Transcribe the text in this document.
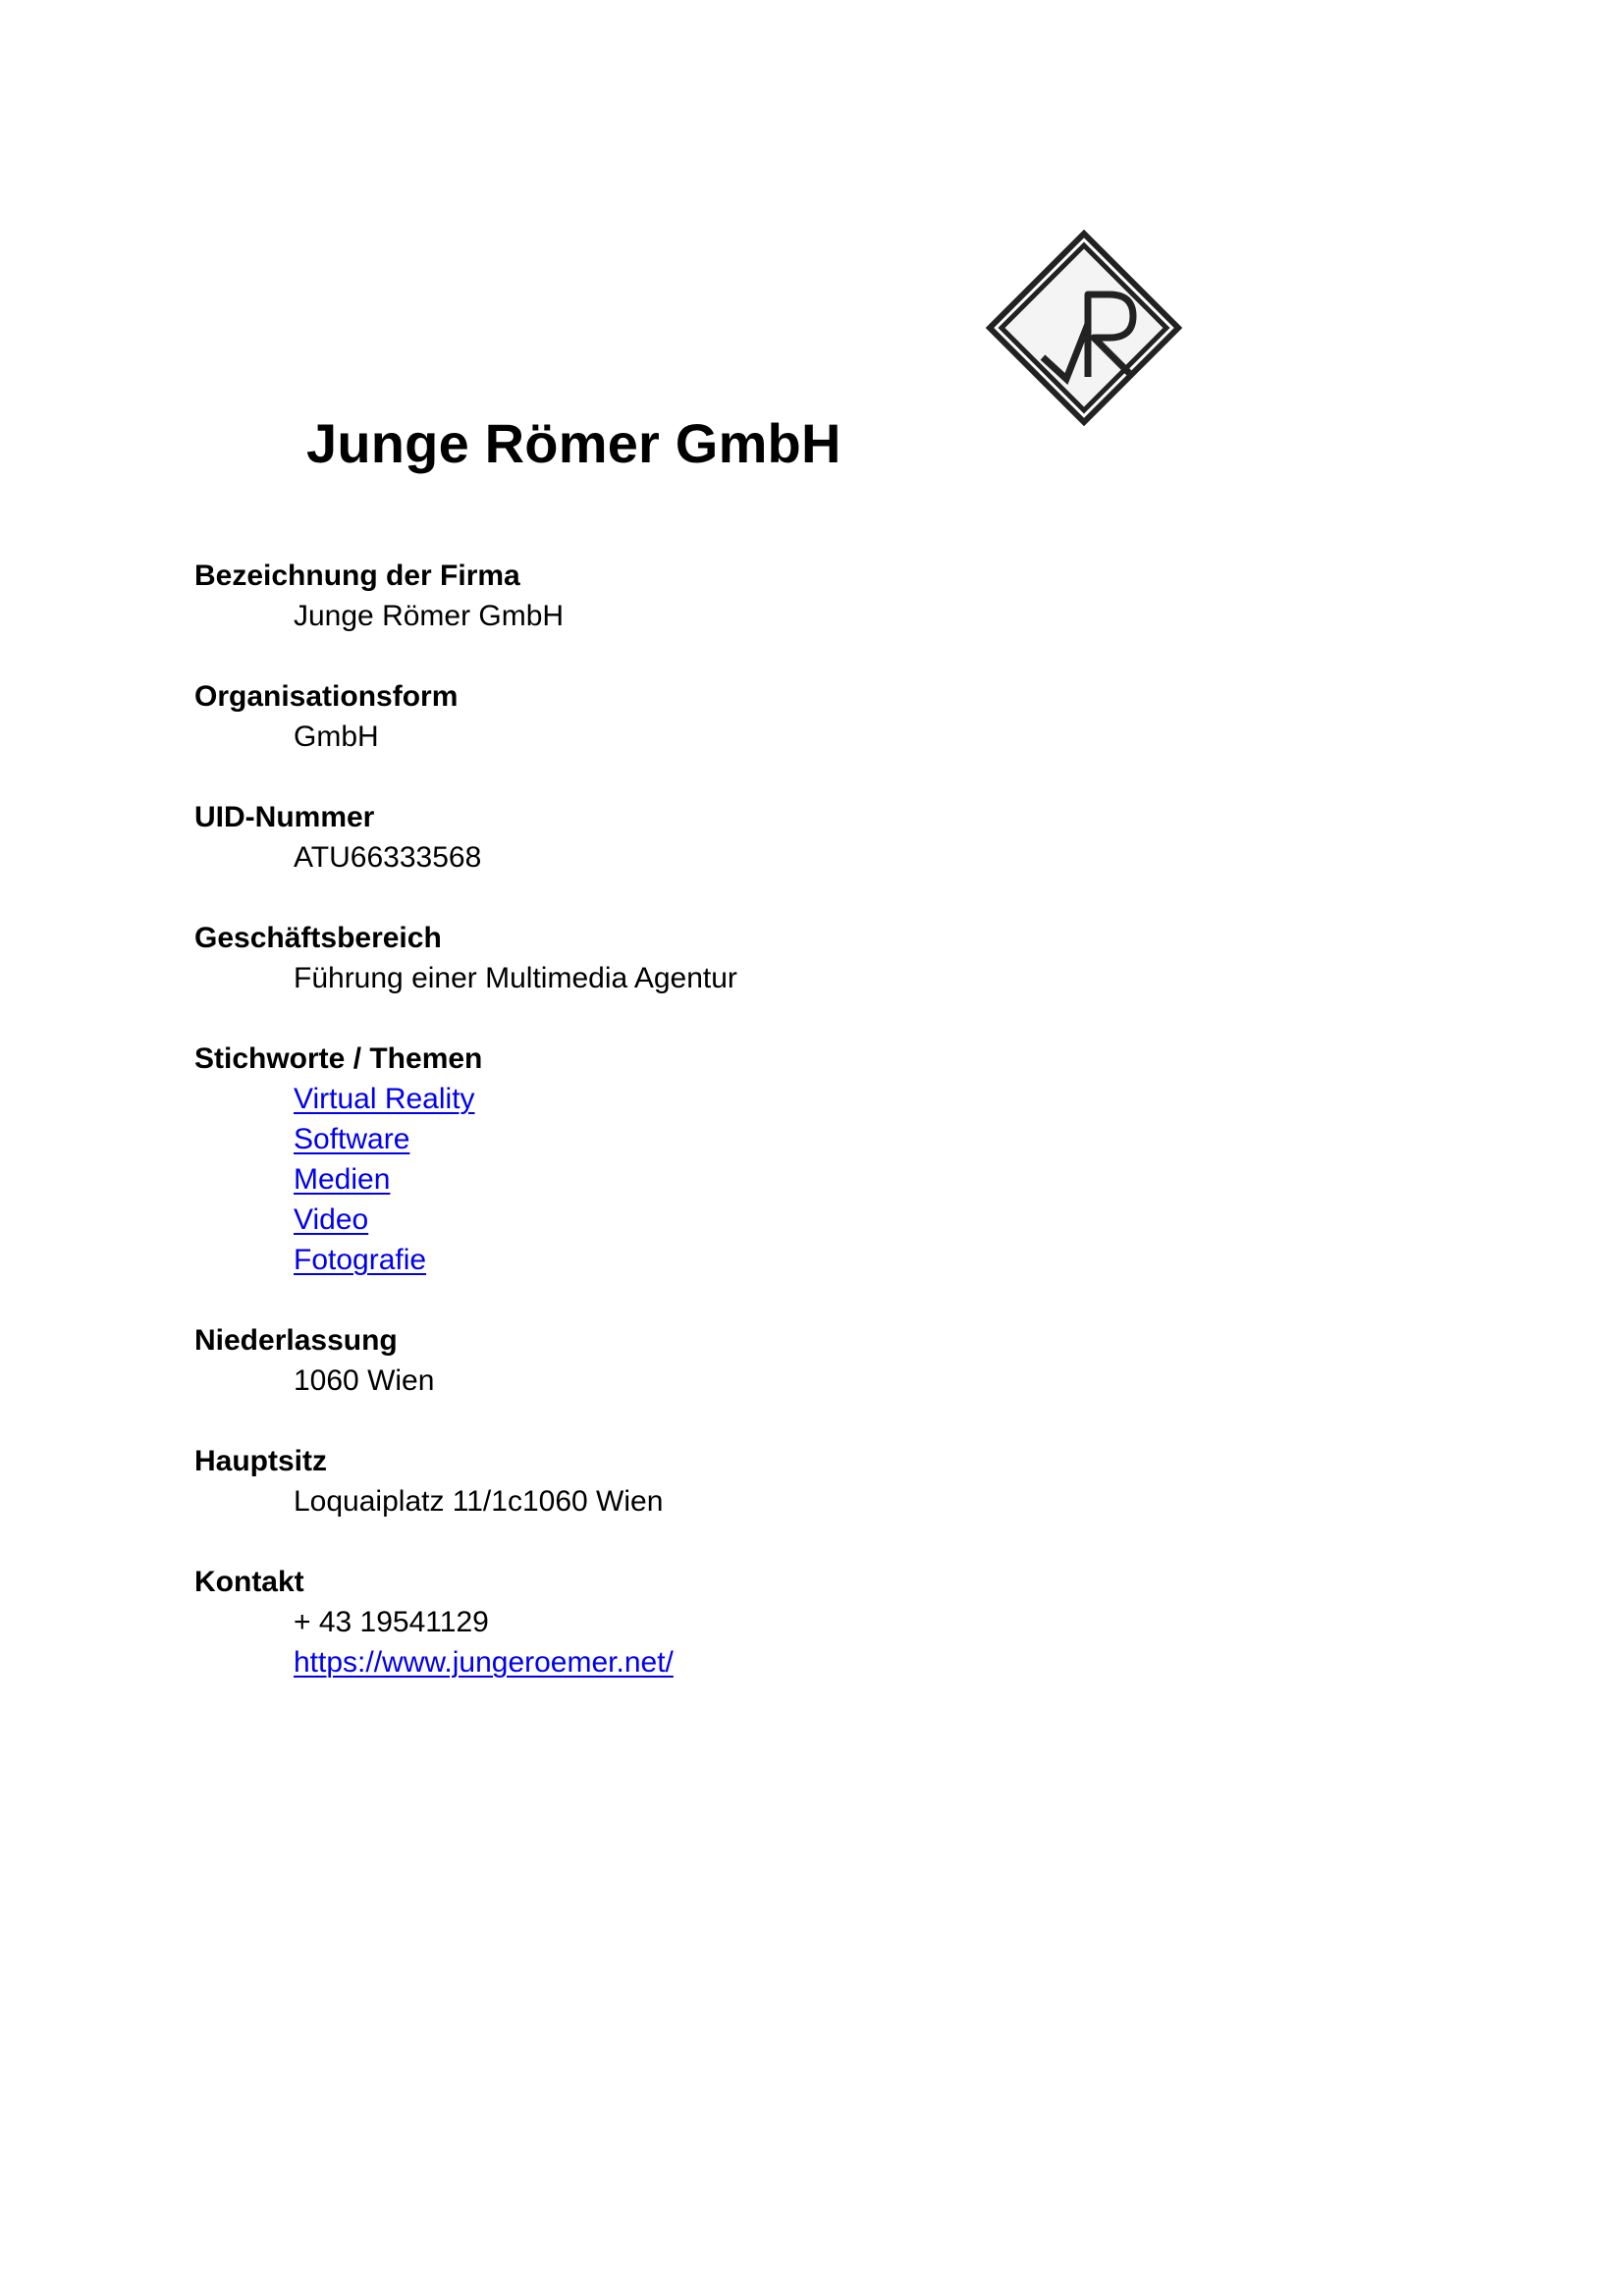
Junge Römer GmbH

Bezeichnung der Firma

Junge Römer GmbH

Organisationsform

GmbH

UID-Nummer

ATU66333568

Geschäftsbereich

Führung einer Multimedia Agentur

Stichworte / Themen

Virtual Reality
Software
Medien
Video
Fotografie

Niederlassung

1060 Wien

Hauptsitz

Loquaiplatz 11/1c1060 Wien

Kontakt

+ 43 19541129

https://www.jungeroemer.net/
